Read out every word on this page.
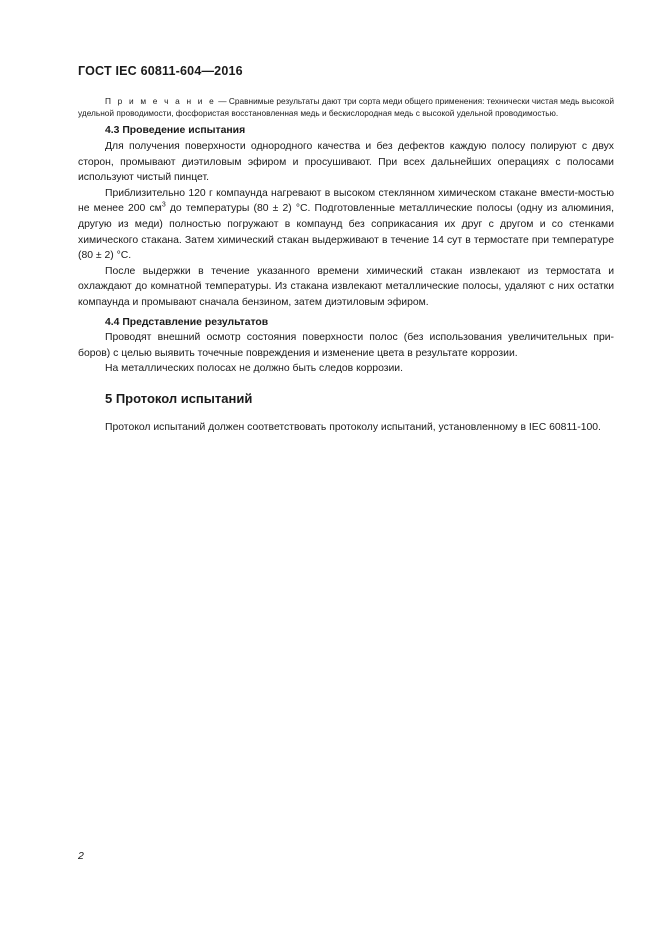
ГОСТ IEC 60811-604—2016

П р и м е ч а н и е — Сравнимые результаты дают три сорта меди общего применения: технически чистая медь высокой удельной проводимости, фосфористая восстановленная медь и бескислородная медь с высокой удельной проводимостью.

4.3 Проведение испытания

Для получения поверхности однородного качества и без дефектов каждую полосу полируют с двух сторон, промывают диэтиловым эфиром и просушивают. При всех дальнейших операциях с полосами используют чистый пинцет.

Приблизительно 120 г компаунда нагревают в высоком стеклянном химическом стакане вмести-мостью не менее 200 $см^3$ до температуры (80 ± 2) °С. Подготовленные металлические полосы (одну из алюминия, другую из меди) полностью погружают в компаунд без соприкасания их друг с другом и со стенками химического стакана. Затем химический стакан выдерживают в течение 14 сут в термостате при температуре (80 ± 2) °С.

После выдержки в течение указанного времени химический стакан извлекают из термостата и охлаждают до комнатной температуры. Из стакана извлекают металлические полосы, удаляют с них остатки компаунда и промывают сначала бензином, затем диэтиловым эфиром.

4.4 Представление результатов

Проводят внешний осмотр состояния поверхности полос (без использования увеличительных при-боров) с целью выявить точечные повреждения и изменение цвета в результате коррозии.

На металлических полосах не должно быть следов коррозии.

5 Протокол испытаний

Протокол испытаний должен соответствовать протоколу испытаний, установленному в IEC 60811-100.

2
